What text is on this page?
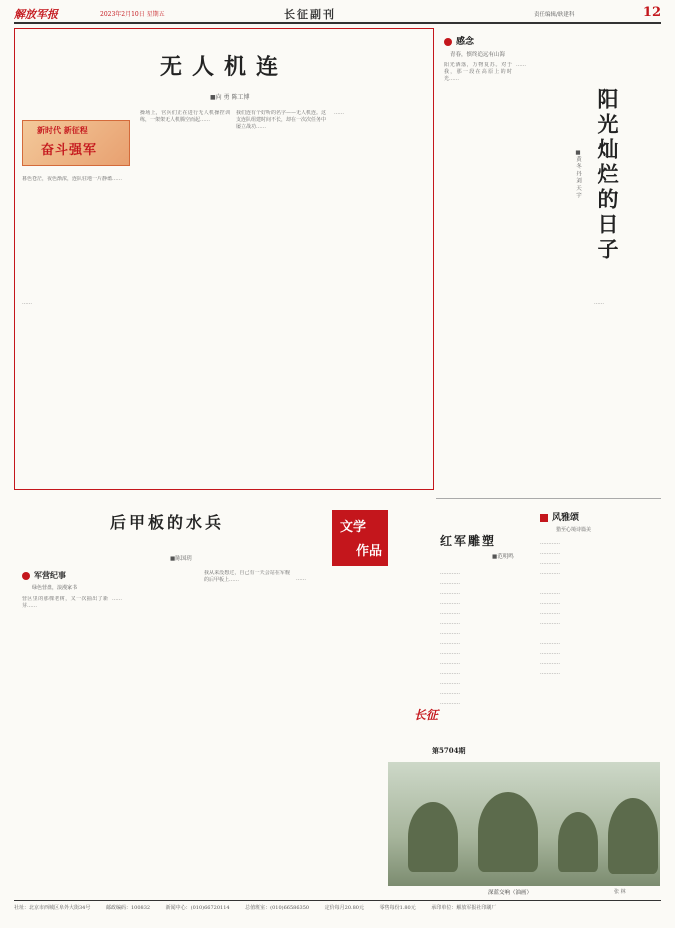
解放军报	2023年2月10日 星期五	长征副刊	责任编辑/耿建科	12
无人机连
■向 勇 陈工博
新时代 新征程
奋斗强军
暮色苍茫，夜色渐浓，连队驻地一片静谧……
……
操场上，官兵们正在进行无人机操控训练，一架架无人机腾空而起……
我们连有个好听的名字——无人机连。这支连队组建时间不长，却在一次次任务中屡立战功……
……
感念
青春，慎终追远有山海
阳光洒落，万物复苏。对于我，那一段在高原上的时光……
……
阳光灿烂的日子
■黄 冬 丹 刘 天 宇
……
风雅颂
猎至心境诗篇美
…………
…………
…………
…………
…………
…………
…………
…………
…………
…………
…………
…………
后甲板的水兵
■陈国玥
军营纪事
绿色营盘，浪漫家书
营区里的那棵老树，又一次抽出了新芽……
……
我从来没想过，自己有一天会站在军舰的后甲板上……	……
文学
作品
红军雕塑
■范明鸣
…………
…………
…………
…………
…………
…………
…………
…………
…………
…………
…………
…………
…………
…………
长征
第5704期
深蓝交响（油画）	张 林
社址：北京市西城区阜外大街34号	邮政编码：100832	新闻中心：(010)66720114	总值班室：(010)66586350	定价每月20.80元	零售每份1.80元	承印单位：解放军报社印刷厂
